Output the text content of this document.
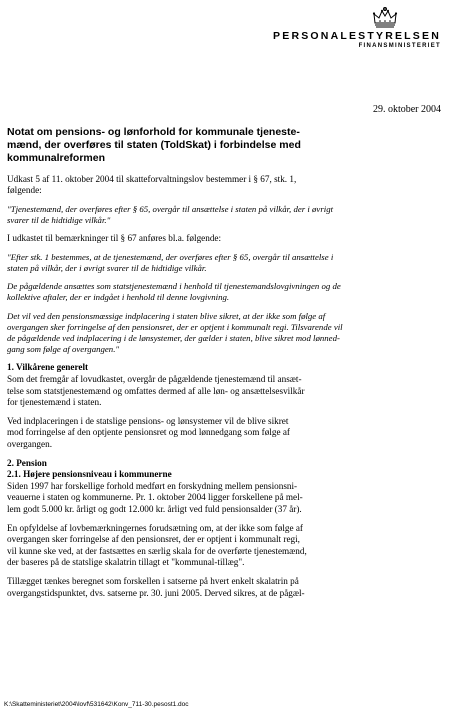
PERSONALESTYRELSEN
FINANSMINISTERIET
29. oktober 2004
Notat om pensions- og lønforhold for kommunale tjeneste-
mænd, der overføres til staten (ToldSkat) i forbindelse med
kommunalreformen

Udkast 5 af 11. oktober 2004 til skatteforvaltningslov bestemmer i § 67, stk. 1,
følgende:

"Tjenestemænd, der overføres efter § 65, overgår til ansættelse i staten på vilkår, der i øvrigt
svarer til de hidtidige vilkår."

I udkastet til bemærkninger til § 67 anføres bl.a. følgende:

"Efter stk. 1 bestemmes, at de tjenestemænd, der overføres efter § 65, overgår til ansættelse i
staten på vilkår, der i øvrigt svarer til de hidtidige vilkår.

De pågældende ansættes som statstjenestemænd i henhold til tjenestemandslovgivningen og de
kollektive aftaler, der er indgået i henhold til denne lovgivning.

Det vil ved den pensionsmæssige indplacering i staten blive sikret, at der ikke som følge af
overgangen sker forringelse af den pensionsret, der er optjent i kommunalt regi. Tilsvarende vil
de pågældende ved indplacering i de lønsystemer, der gælder i staten, blive sikret mod lønned-
gang som følge af overgangen."

1. Vilkårene generelt

Som det fremgår af lovudkastet, overgår de pågældende tjenestemænd til ansæt-
telse som statstjenestemænd og omfattes dermed af alle løn- og ansættelsesvilkår
for tjenestemænd i staten.

Ved indplaceringen i de statslige pensions- og lønsystemer vil de blive sikret
mod forringelse af den optjente pensionsret og mod lønnedgang som følge af
overgangen.

2. Pension
2.1. Højere pensionsniveau i kommunerne

Siden 1997 har forskellige forhold medført en forskydning mellem pensionsni-
veauerne i staten og kommunerne. Pr. 1. oktober 2004 ligger forskellene på mel-
lem godt 5.000 kr. årligt og godt 12.000 kr. årligt ved fuld pensionsalder (37 år).

En opfyldelse af lovbemærkningernes forudsætning om, at der ikke som følge af
overgangen sker forringelse af den pensionsret, der er optjent i kommunalt regi,
vil kunne ske ved, at der fastsættes en særlig skala for de overførte tjenestemænd,
der baseres på de statslige skalatrin tillagt et "kommunal-tillæg".

Tillægget tænkes beregnet som forskellen i satserne på hvert enkelt skalatrin på
overgangstidspunktet, dvs. satserne pr. 30. juni 2005. Derved sikres, at de pågæl-

K:\Skatteministeriet\2004\lovf\531642\Konv_711-30.pesost1.doc
